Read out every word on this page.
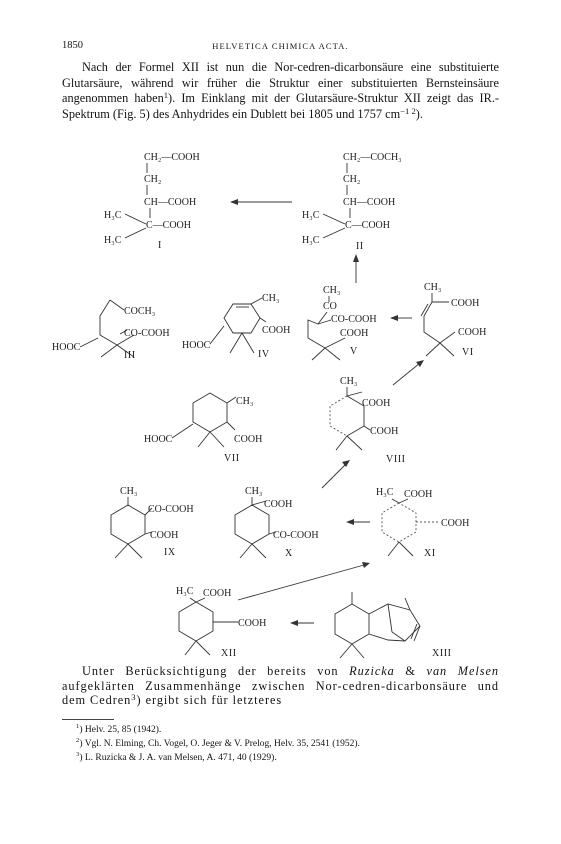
1850	HELVETICA CHIMICA ACTA.

Nach der Formel XII ist nun die Nor-cedren-dicarbonsäure eine substituierte Glutarsäure, während wir früher die Struktur einer substituierten Bernsteinsäure angenommen haben$^1$). Im Einklang mit der Glutarsäure-Struktur XII zeigt das IR.-Spektrum (Fig. 5) des Anhydrides ein Dublett bei 1805 und 1757 $cm^{-1 2}$).

CH₂—COOH
CH₂
CH—COOH
C—COOH
H₃C
H₃C	I
CH₂—COCH₃
CH₂
CH—COOH
C—COOH
H₃C
H₃C
II
COCH₃
CO-COOH
HOOC
III
CH₃
COOH
HOOC
IV
CH₃
CO
CO-COOH
COOH
V
CH₃
COOH
COOH
VI
CH₃
COOH
HOOC
VII
CH₃
COOH
COOH
VIII
CH₃
CO-COOH
COOH
IX
CH₃
COOH
CO-COOH
X
H₃C COOH
COOH
XI
H₃C COOH
COOH
XII	XIII

Unter Berücksichtigung der bereits von Ruzicka & van Melsen aufgeklärten Zusammenhänge zwischen Nor-cedren-dicarbonsäure und dem Cedren$^3$) ergibt sich für letzteres

$^1$) Helv. 25, 85 (1942).
$^2$) Vgl. N. Elming, Ch. Vogel, O. Jeger & V. Prelog, Helv. 35, 2541 (1952).
$^3$) L. Ruzicka & J. A. van Melsen, A. 471, 40 (1929).
